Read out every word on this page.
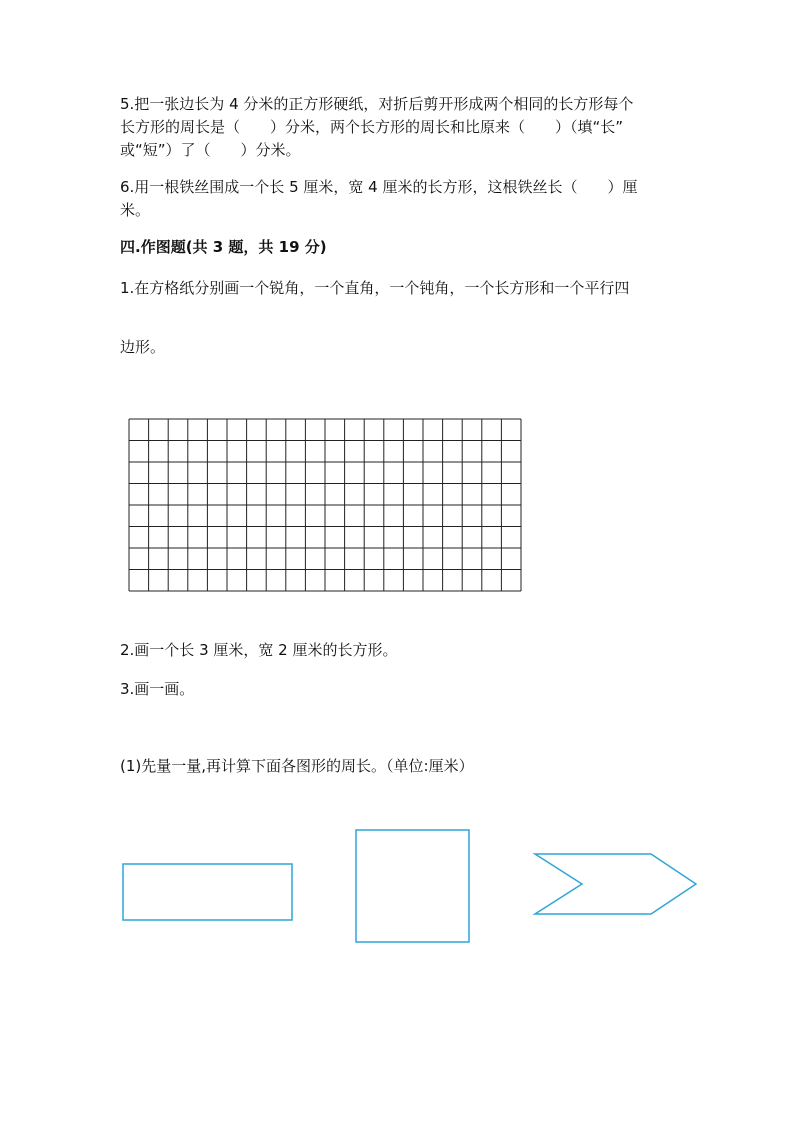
5.把一张边长为 4 分米的正方形硬纸，对折后剪开形成两个相同的长方形每个
长方形的周长是（　　）分米，两个长方形的周长和比原来（　　）（填“长”
或“短”）了（　　）分米。
6.用一根铁丝围成一个长 5 厘米，宽 4 厘米的长方形，这根铁丝长（　　）厘
米。
四.作图题(共 3 题，共 19 分)
1.在方格纸分别画一个锐角，一个直角，一个钝角，一个长方形和一个平行四
边形。
2.画一个长 3 厘米，宽 2 厘米的长方形。
3.画一画。
(1)先量一量,再计算下面各图形的周长。（单位:厘米）
